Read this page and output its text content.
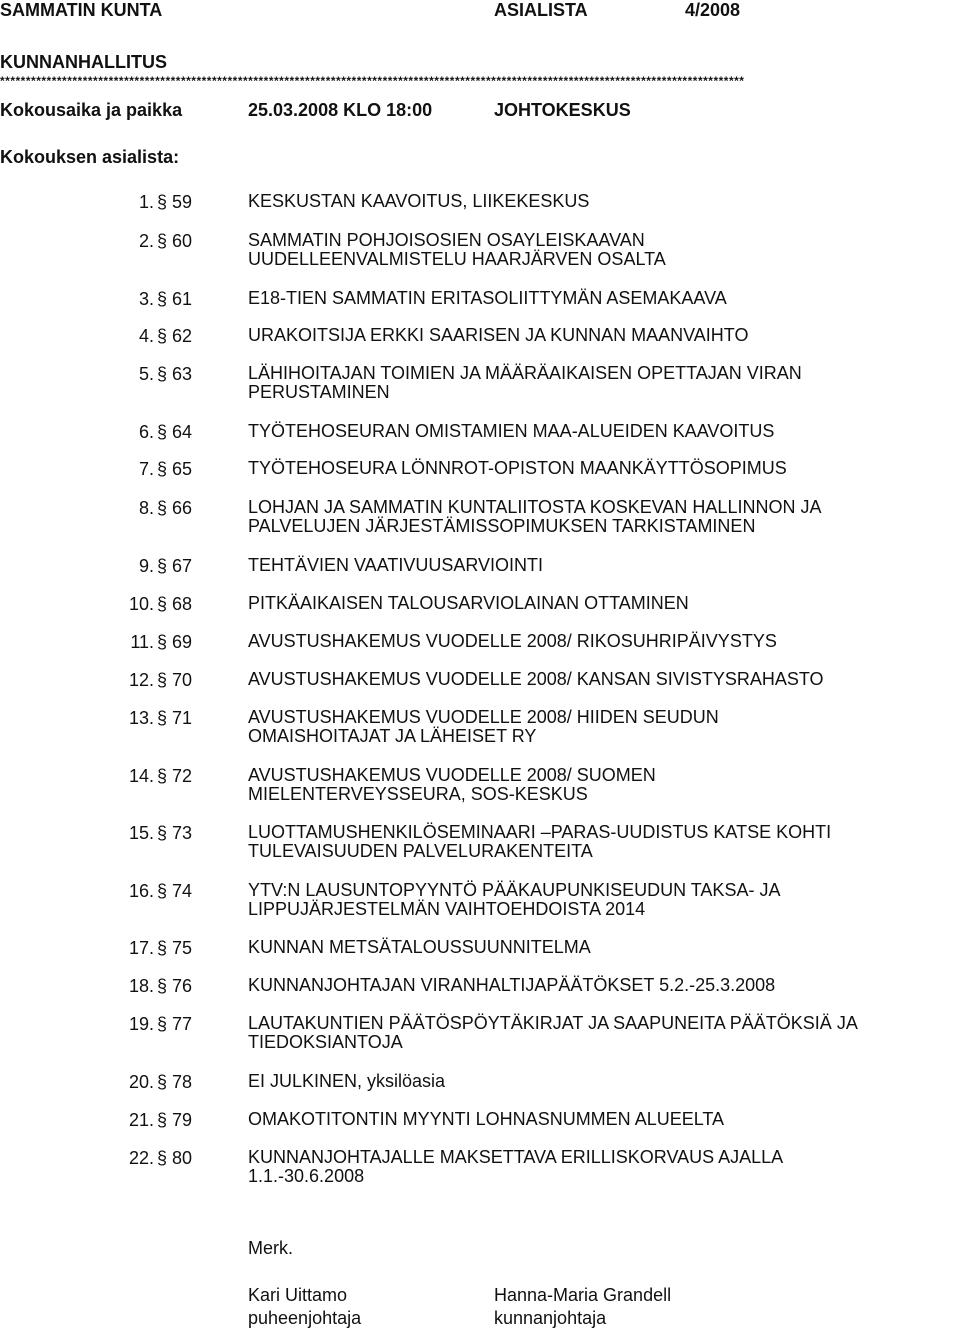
SAMMATIN KUNTA	ASIALISTA	4/2008
KUNNANHALLITUS
************************************************************************************************************************************************
Kokousaika ja paikka	25.03.2008 KLO 18:00	JOHTOKESKUS
Kokouksen asialista:
1. § 59	KESKUSTAN KAAVOITUS, LIIKEKESKUS
2. § 60	SAMMATIN POHJOISOSIEN OSAYLEISKAAVAN
UUDELLEENVALMISTELU HAARJÄRVEN OSALTA
3. § 61	E18-TIEN SAMMATIN ERITASOLIITTYMÄN ASEMAKAAVA
4. § 62	URAKOITSIJA ERKKI SAARISEN JA KUNNAN MAANVAIHTO
5. § 63	LÄHIHOITAJAN TOIMIEN JA MÄÄRÄAIKAISEN OPETTAJAN VIRAN
PERUSTAMINEN
6. § 64	TYÖTEHOSEURAN OMISTAMIEN MAA-ALUEIDEN KAAVOITUS
7. § 65	TYÖTEHOSEURA LÖNNROT-OPISTON MAANKÄYTTÖSOPIMUS
8. § 66	LOHJAN JA SAMMATIN KUNTALIITOSTA KOSKEVAN HALLINNON JA
PALVELUJEN JÄRJESTÄMISSOPIMUKSEN TARKISTAMINEN
9. § 67	TEHTÄVIEN VAATIVUUSARVIOINTI
10. § 68	PITKÄAIKAISEN TALOUSARVIOLAINAN OTTAMINEN
11. § 69	AVUSTUSHAKEMUS VUODELLE 2008/ RIKOSUHRIPÄIVYSTYS
12. § 70	AVUSTUSHAKEMUS VUODELLE 2008/ KANSAN SIVISTYSRAHASTO
13. § 71	AVUSTUSHAKEMUS VUODELLE 2008/ HIIDEN SEUDUN
OMAISHOITAJAT JA LÄHEISET RY
14. § 72	AVUSTUSHAKEMUS VUODELLE 2008/ SUOMEN
MIELENTERVEYSSEURA, SOS-KESKUS
15. § 73	LUOTTAMUSHENKILÖSEMINAARI –PARAS-UUDISTUS KATSE KOHTI
TULEVAISUUDEN PALVELURAKENTEITA
16. § 74	YTV:N LAUSUNTOPYYNTÖ PÄÄKAUPUNKISEUDUN TAKSA- JA
LIPPUJÄRJESTELMÄN VAIHTOEHDOISTA 2014
17. § 75	KUNNAN METSÄTALOUSSUUNNITELMA
18. § 76	KUNNANJOHTAJAN VIRANHALTIJAPÄÄTÖKSET 5.2.-25.3.2008
19. § 77	LAUTAKUNTIEN PÄÄTÖSPÖYTÄKIRJAT JA SAAPUNEITA PÄÄTÖKSIÄ JA
TIEDOKSIANTOJA
20. § 78	EI JULKINEN, yksilöasia
21. § 79	OMAKOTITONTIN MYYNTI LOHNASNUMMEN ALUEELTA
22. § 80	KUNNANJOHTAJALLE MAKSETTAVA ERILLISKORVAUS AJALLA
1.1.-30.6.2008
Merk.
Kari Uittamo
puheenjohtaja
Hanna-Maria Grandell
kunnanjohtaja
